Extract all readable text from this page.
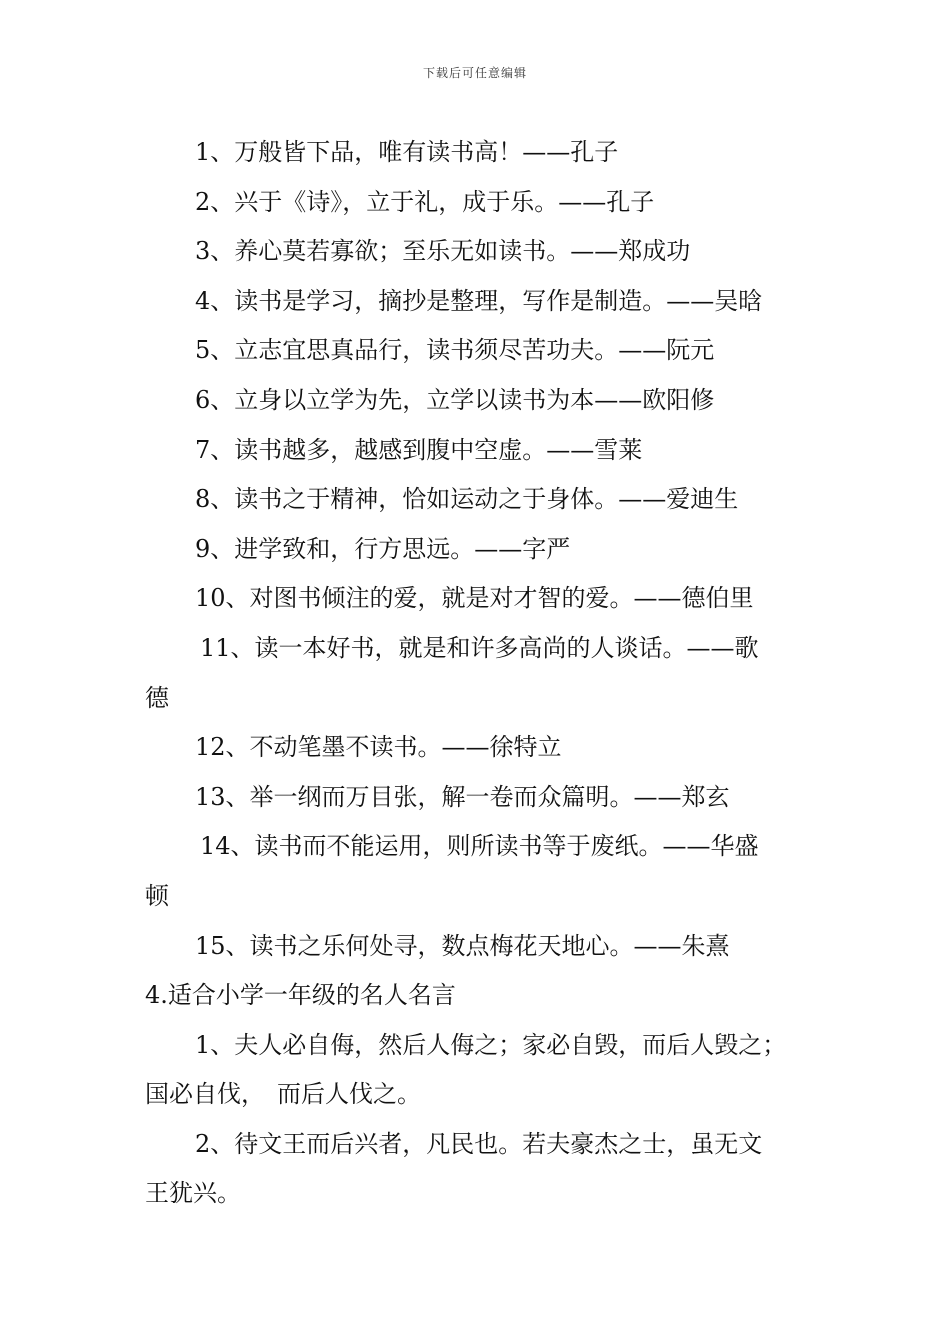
下载后可任意编辑

1、万般皆下品，唯有读书高！——孔子

2、兴于《诗》，立于礼，成于乐。——孔子

3、养心莫若寡欲；至乐无如读书。——郑成功

4、读书是学习，摘抄是整理，写作是制造。——吴晗

5、立志宜思真品行，读书须尽苦功夫。——阮元

6、立身以立学为先，立学以读书为本——欧阳修

7、读书越多，越感到腹中空虚。——雪莱

8、读书之于精神，恰如运动之于身体。——爱迪生

9、进学致和，行方思远。——字严

10、对图书倾注的爱，就是对才智的爱。——德伯里

11、读一本好书，就是和许多高尚的人谈话。——歌

德

12、不动笔墨不读书。——徐特立

13、举一纲而万目张，解一卷而众篇明。——郑玄

14、读书而不能运用，则所读书等于废纸。——华盛

顿

15、读书之乐何处寻，数点梅花天地心。——朱熹

4.适合小学一年级的名人名言

1、夫人必自侮，然后人侮之；家必自毁，而后人毁之；

国必自伐，　而后人伐之。

2、待文王而后兴者，凡民也。若夫豪杰之士，虽无文

王犹兴。
